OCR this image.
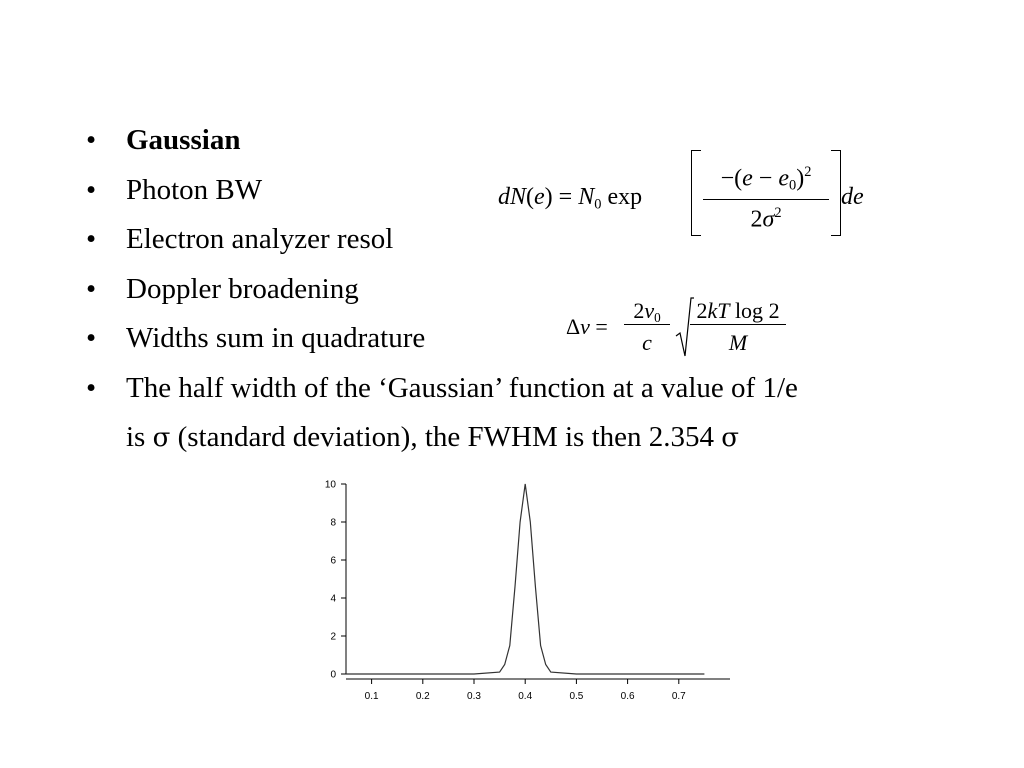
• Gaussian
• Photon BW
• Electron analyzer resol
• Doppler broadening
• Widths sum in quadrature
• The half width of the ‘Gaussian’ function at a value of 1/e
is σ (standard deviation), the FWHM is then 2.354 σ
$dN(e) = N_0$ exp
$-(e - e_0)^2$
$2\sigma^2$
de
Δν =
$2\nu_0$
c
2kT log 2
M
0
2
4
6
8
10
0.1	0.2	0.3	0.4	0.5	0.6	0.7
